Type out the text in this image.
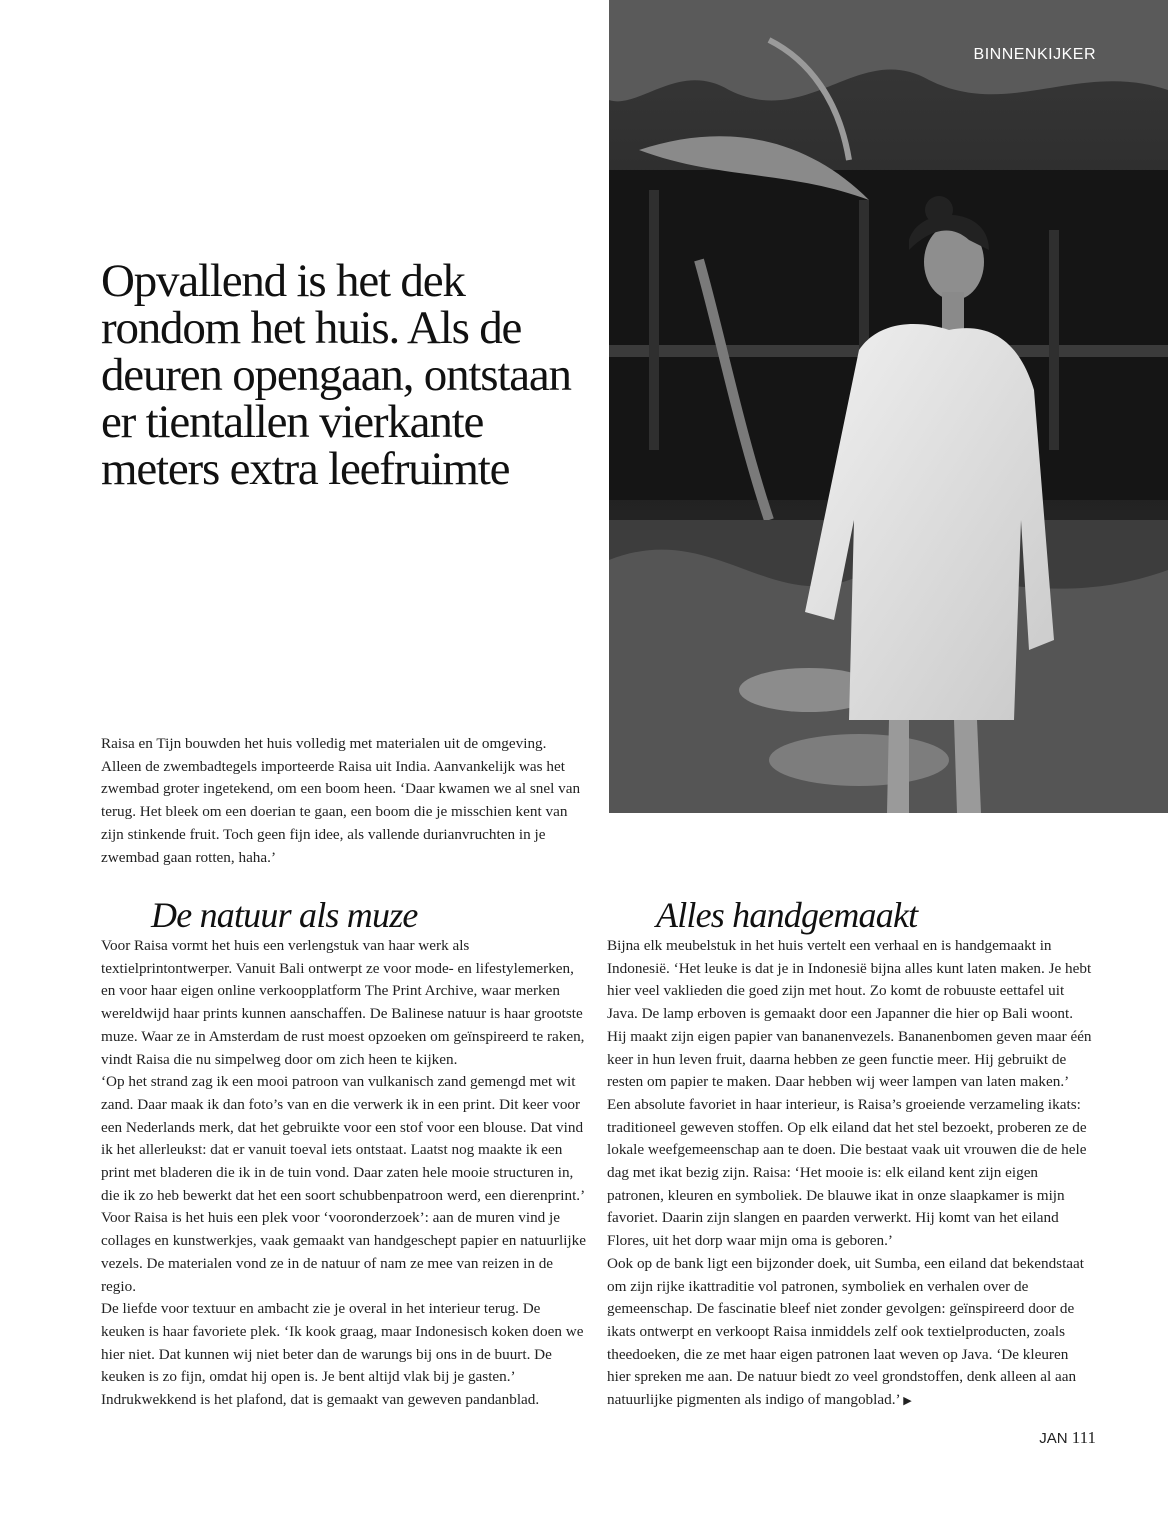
BINNENKIJKER
Opvallend is het dek rondom het huis. Als de deuren opengaan, ontstaan er tientallen vierkante meters extra leefruimte
Raisa en Tijn bouwden het huis volledig met materialen uit de omgeving. Alleen de zwembadtegels importeerde Raisa uit India. Aanvankelijk was het zwembad groter ingetekend, om een boom heen. ‘Daar kwamen we al snel van terug. Het bleek om een doerian te gaan, een boom die je misschien kent van zijn stinkende fruit. Toch geen fijn idee, als vallende durianvruchten in je zwembad gaan rotten, haha.’
De natuur als muze	Alles handgemaakt

Voor Raisa vormt het huis een verlengstuk van haar werk als textielprintontwerper. Vanuit Bali ontwerpt ze voor mode- en lifestylemerken, en voor haar eigen online verkoopplatform The Print Archive, waar merken wereldwijd haar prints kunnen aanschaffen. De Balinese natuur is haar grootste muze. Waar ze in Amsterdam de rust moest opzoeken om geïnspireerd te raken, vindt Raisa die nu simpelweg door om zich heen te kijken.

‘Op het strand zag ik een mooi patroon van vulkanisch zand gemengd met wit zand. Daar maak ik dan foto’s van en die verwerk ik in een print. Dit keer voor een Nederlands merk, dat het gebruikte voor een stof voor een blouse. Dat vind ik het allerleukst: dat er vanuit toeval iets ontstaat. Laatst nog maakte ik een print met bladeren die ik in de tuin vond. Daar zaten hele mooie structuren in, die ik zo heb bewerkt dat het een soort schubbenpatroon werd, een dierenprint.’

Voor Raisa is het huis een plek voor ‘vooronderzoek’: aan de muren vind je collages en kunstwerkjes, vaak gemaakt van handgeschept papier en natuurlijke vezels. De materialen vond ze in de natuur of nam ze mee van reizen in de regio.

De liefde voor textuur en ambacht zie je overal in het interieur terug. De keuken is haar favoriete plek. ‘Ik kook graag, maar Indonesisch koken doen we hier niet. Dat kunnen wij niet beter dan de warungs bij ons in de buurt. De keuken is zo fijn, omdat hij open is. Je bent altijd vlak bij je gasten.’ Indrukwekkend is het plafond, dat is gemaakt van geweven pandanblad.

Bijna elk meubelstuk in het huis vertelt een verhaal en is handgemaakt in Indonesië. ‘Het leuke is dat je in Indonesië bijna alles kunt laten maken. Je hebt hier veel vaklieden die goed zijn met hout. Zo komt de robuuste eettafel uit Java. De lamp erboven is gemaakt door een Japanner die hier op Bali woont. Hij maakt zijn eigen papier van bananenvezels. Bananenbomen geven maar één keer in hun leven fruit, daarna hebben ze geen functie meer. Hij gebruikt de resten om papier te maken. Daar hebben wij weer lampen van laten maken.’

Een absolute favoriet in haar interieur, is Raisa’s groeiende verzameling ikats: traditioneel geweven stoffen. Op elk eiland dat het stel bezoekt, proberen ze de lokale weefgemeenschap aan te doen. Die bestaat vaak uit vrouwen die de hele dag met ikat bezig zijn. Raisa: ‘Het mooie is: elk eiland kent zijn eigen patronen, kleuren en symboliek. De blauwe ikat in onze slaapkamer is mijn favoriet. Daarin zijn slangen en paarden verwerkt. Hij komt van het eiland Flores, uit het dorp waar mijn oma is geboren.’

Ook op de bank ligt een bijzonder doek, uit Sumba, een eiland dat bekendstaat om zijn rijke ikattraditie vol patronen, symboliek en verhalen over de gemeenschap. De fascinatie bleef niet zonder gevolgen: geïnspireerd door de ikats ontwerpt en verkoopt Raisa inmiddels zelf ook textielproducten, zoals theedoeken, die ze met haar eigen patronen laat weven op Java. ‘De kleuren hier spreken me aan. De natuur biedt zo veel grondstoffen, denk alleen al aan natuurlijke pigmenten als indigo of mangoblad.’ ▶

JAN 111
